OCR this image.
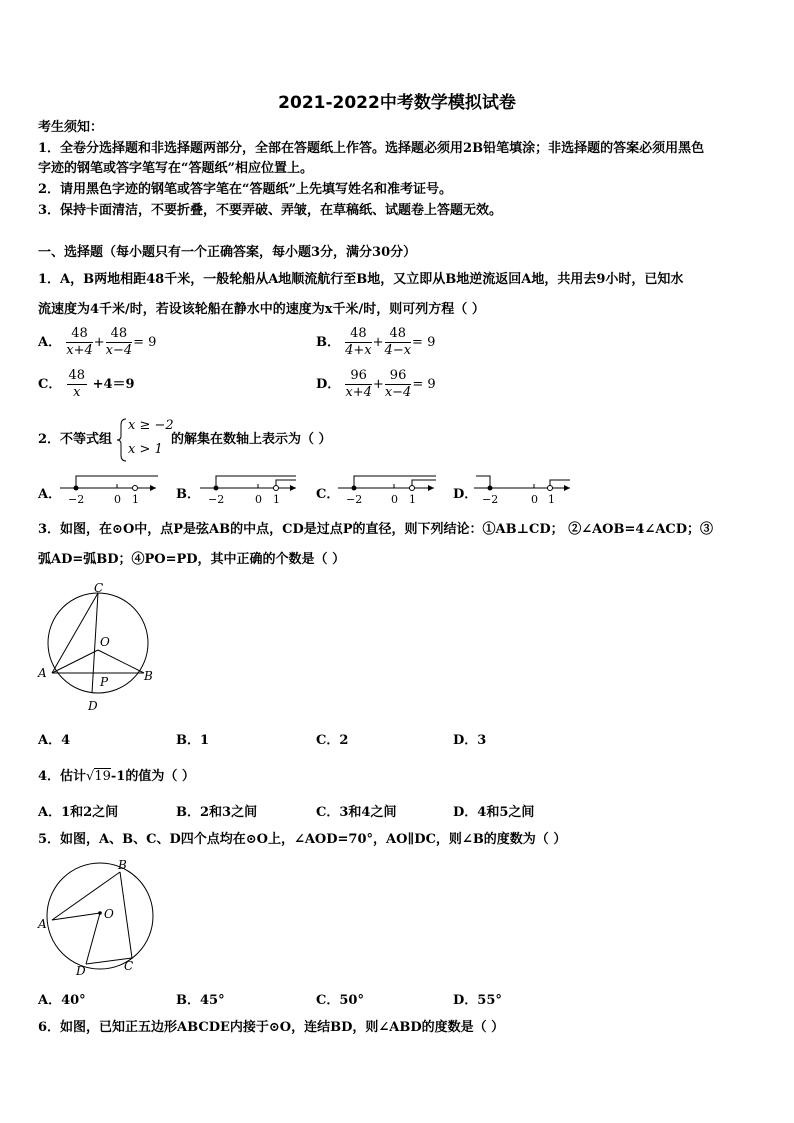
2021-2022中考数学模拟试卷
考生须知：
1．全卷分选择题和非选择题两部分，全部在答题纸上作答。选择题必须用2B铅笔填涂；非选择题的答案必须用黑色
字迹的钢笔或答字笔写在“答题纸”相应位置上。
2．请用黑色字迹的钢笔或答字笔在“答题纸”上先填写姓名和准考证号。
3．保持卡面清洁，不要折叠，不要弄破、弄皱，在草稿纸、试题卷上答题无效。
一、选择题（每小题只有一个正确答案，每小题3分，满分30分）
1．A，B两地相距48千米，一般轮船从A地顺流航行至B地，又立即从B地逆流返回A地，共用去9小时，已知水
流速度为4千米/时，若设该轮船在静水中的速度为x千米/时，则可列方程（ ）
A． $\frac{48}{x+4} + \frac{48}{x-4} = 9$	B． $\frac{48}{4+x} + \frac{48}{4-x} = 9$
C． $\frac{48}{x} +4=9$	D． $\frac{96}{x+4} + \frac{96}{x-4} = 9$
2．不等式组
x ≥ −2
x > 1
的解集在数轴上表示为（ ）
A． −2	0 1	B． −2	0 1	C． −2	0 1	D． −2	0 1
3．如图，在⊙O中，点P是弦AB的中点，CD是过点P的直径，则下列结论：①AB⊥CD； ②∠AOB=4∠ACD；③
弧AD=弧BD；④PO=PD，其中正确的个数是（ ）
C
O
A	B
P
D
A．4	B．1	C．2	D．3
4．估计√19-1的值为（ ）
A．1和2之间	B．2和3之间	C．3和4之间	D．4和5之间
5．如图，A、B、C、D四个点均在⊙O上，∠AOD=70°，AO∥DC，则∠B的度数为（ ）
B
O
A
D	C
A．40°	B．45°	C．50°	D．55°
6．如图，已知正五边形ABCDE内接于⊙O，连结BD，则∠ABD的度数是（ ）
